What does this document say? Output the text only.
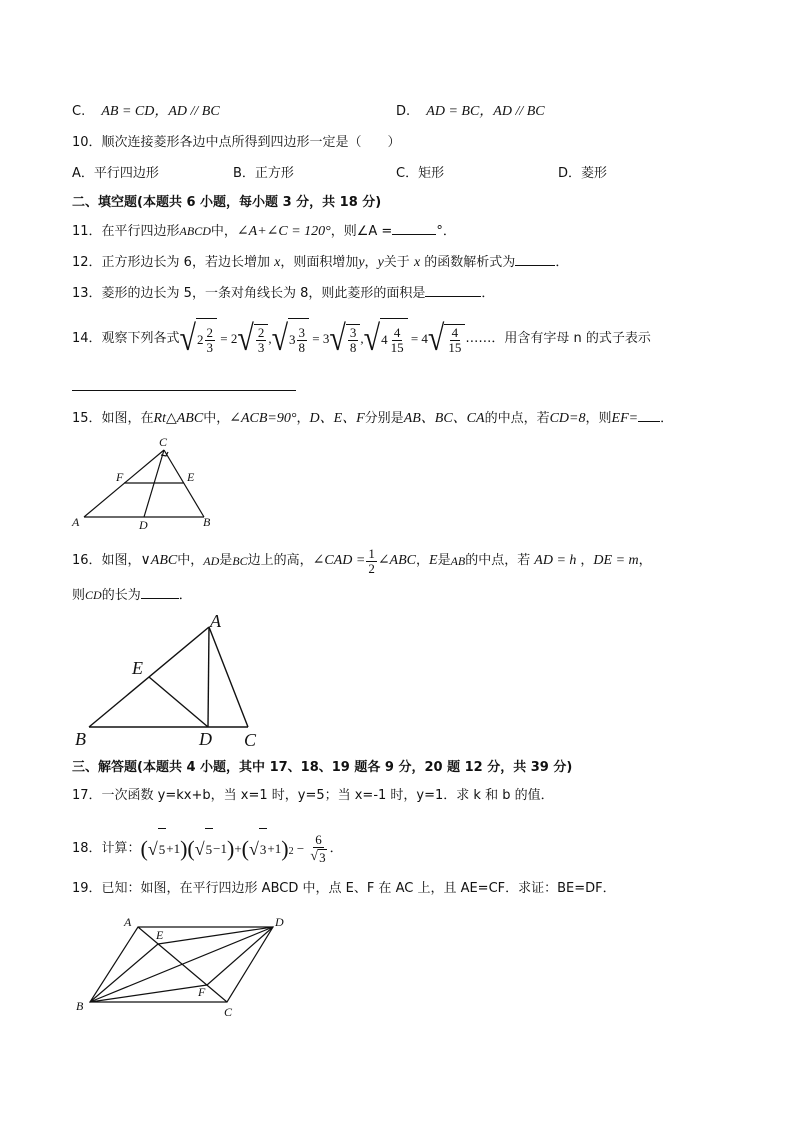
C. AB = CD，AD // BC	D. AD = BC，AD // BC
10．顺次连接菱形各边中点所得到四边形一定是（　　）
A．平行四边形	B．正方形	C．矩形	D．菱形
二、填空题(本题共 6 小题，每小题 3 分，共 18 分)
11．在平行四边形ABCD中，∠A+∠C = 120°，则∠A =	°．
12．正方形边长为 6，若边长增加 x，则面积增加y，y关于 x 的函数解析式为	．
13．菱形的边长为 5，一条对角线长为 8，则此菱形的面积是	．
14．观察下列各式 √ $2 \frac{2}{3} = 2$ √ $\frac{2}{3}$ , √ $3 \frac{3}{8} = 3$ √ $\frac{3}{8}$ , √ $4 \frac{4}{15} = 4$ √ $\frac{4}{15}$ …… ．用含有字母 n 的式子表示
15．如图，在Rt△ABC中，∠ACB=90°，D、E、F分别是AB、BC、CA的中点，若CD=8，则EF= ．
C
F	E
A	D	B
16．如图， ∨ABC 中， AD 是 BC 边上的高， ∠CAD = $\frac{1}{2}$ ∠ABC ， E 是 AB 的中点，若 AD = h ， DE = m ，
则CD的长为	．
A
E
B	D C
三、解答题(本题共 4 小题，其中 17、18、19 题各 9 分，20 题 12 分，共 39 分)
17．一次函数 y=kx+b，当 x=1 时，y=5；当 x=-1 时，y=1．求 k 和 b 的值．
18．计算： ( √ 5 + 1 )( √ 5 − 1 ) + ( √ 3 + 1 )$_2 - \frac{6}{√ 3}$ ．
19．已知：如图，在平行四边形 ABCD 中，点 E、F 在 AC 上，且 AE=CF．求证：BE=DF．
A
E
D
F
B	C
